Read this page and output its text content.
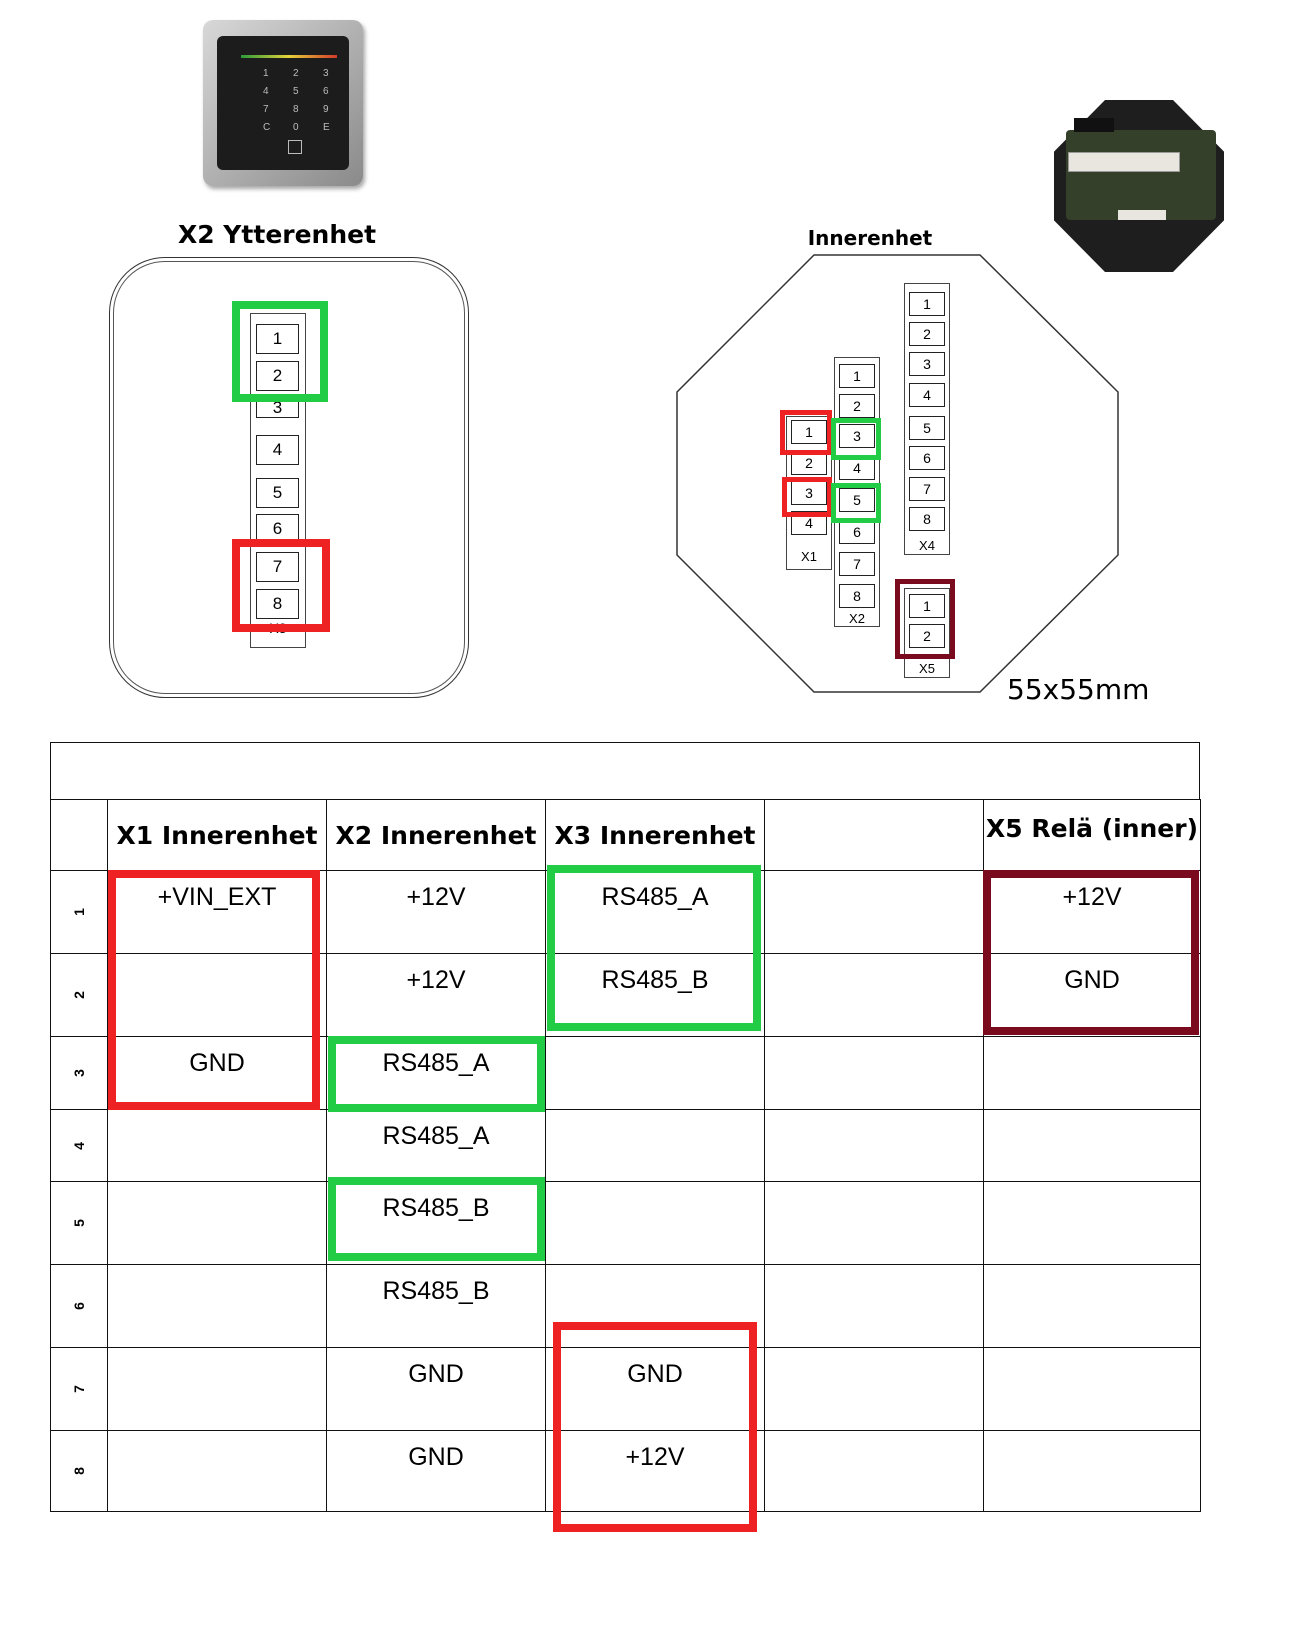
1 2 3
4 5 6
7 8 9
C 0 E
X2 Ytterenhet
1
2
3
4
5
6
7
8
X3
Innerenhet
1
2
3
4
1
2
3
4
5
6
7
8
1
2
3
4
5
6
7
8
1
2
X1
X2
X4
X5
55x55mm
	X1 Innerenhet	X2 Innerenhet	X3 Innerenhet		X5 Relä (inner)

1	+VIN_EXT	+12V	RS485_A		+12V

2		+12V	RS485_B		GND

3	GND	RS485_A			

4		RS485_A			

5		RS485_B			

6		RS485_B			

7		GND	GND		

8		GND	+12V		
